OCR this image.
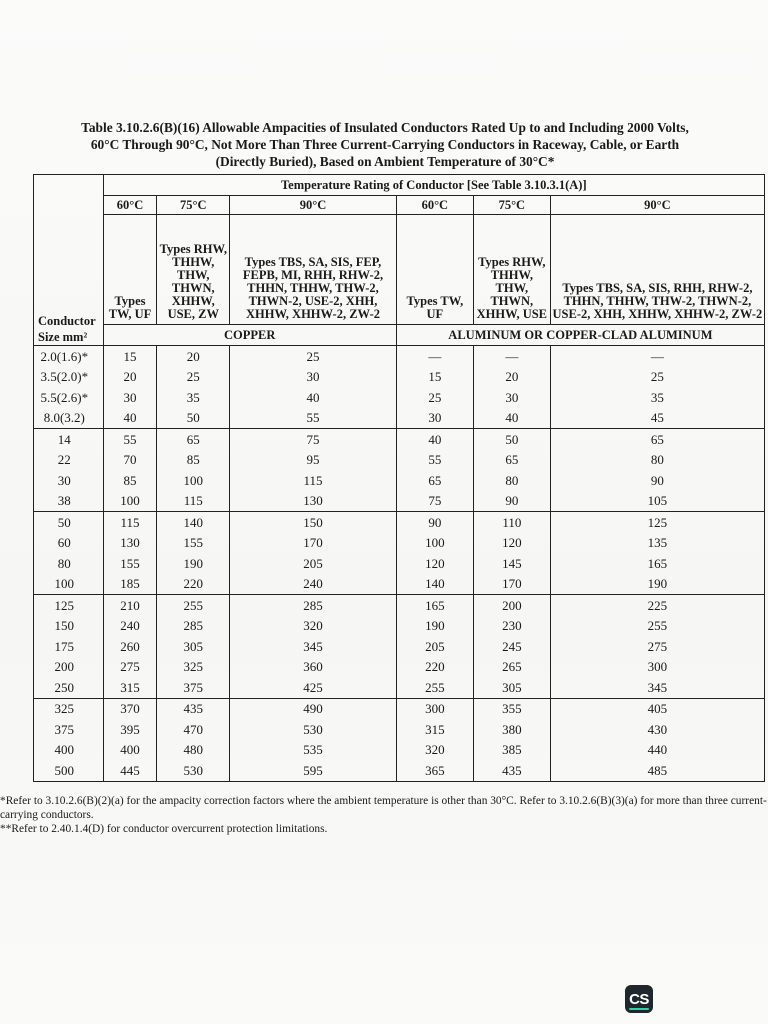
Table 3.10.2.6(B)(16) Allowable Ampacities of Insulated Conductors Rated Up to and Including 2000 Volts,
60°C Through 90°C, Not More Than Three Current-Carrying Conductors in Raceway, Cable, or Earth
(Directly Buried), Based on Ambient Temperature of 30°C*
Conductor
Size mm²	Temperature Rating of Conductor [See Table 3.10.3.1(A)]					
	60°C	75°C	90°C	60°C	75°C	90°C
	Types TW, UF	Types RHW, THHW, THW, THWN, XHHW, USE, ZW	Types TBS, SA, SIS, FEP, FEPB, MI, RHH, RHW-2, THHN, THHW, THW-2, THWN-2, USE-2, XHH, XHHW, XHHW-2, ZW-2	Types TW, UF	Types RHW, THHW, THW, THWN, XHHW, USE	Types TBS, SA, SIS, RHH, RHW-2, THHN, THHW, THW-2, THWN-2, USE-2, XHH, XHHW, XHHW-2, ZW-2
	COPPER			ALUMINUM OR COPPER-CLAD ALUMINUM		
2.0(1.6)*	15	20	25	—	—	—
3.5(2.0)*	20	25	30	15	20	25
5.5(2.6)*	30	35	40	25	30	35
8.0(3.2)	40	50	55	30	40	45
14	55	65	75	40	50	65
22	70	85	95	55	65	80
30	85	100	115	65	80	90
38	100	115	130	75	90	105
50	115	140	150	90	110	125
60	130	155	170	100	120	135
80	155	190	205	120	145	165
100	185	220	240	140	170	190
125	210	255	285	165	200	225
150	240	285	320	190	230	255
175	260	305	345	205	245	275
200	275	325	360	220	265	300
250	315	375	425	255	305	345
325	370	435	490	300	355	405
375	395	470	530	315	380	430
400	400	480	535	320	385	440
500	445	530	595	365	435	485

*Refer to 3.10.2.6(B)(2)(a) for the ampacity correction factors where the ambient temperature is other than 30°C. Refer to 3.10.2.6(B)(3)(a) for more than three current-carrying conductors.

**Refer to 2.40.1.4(D) for conductor overcurrent protection limitations.

CS
